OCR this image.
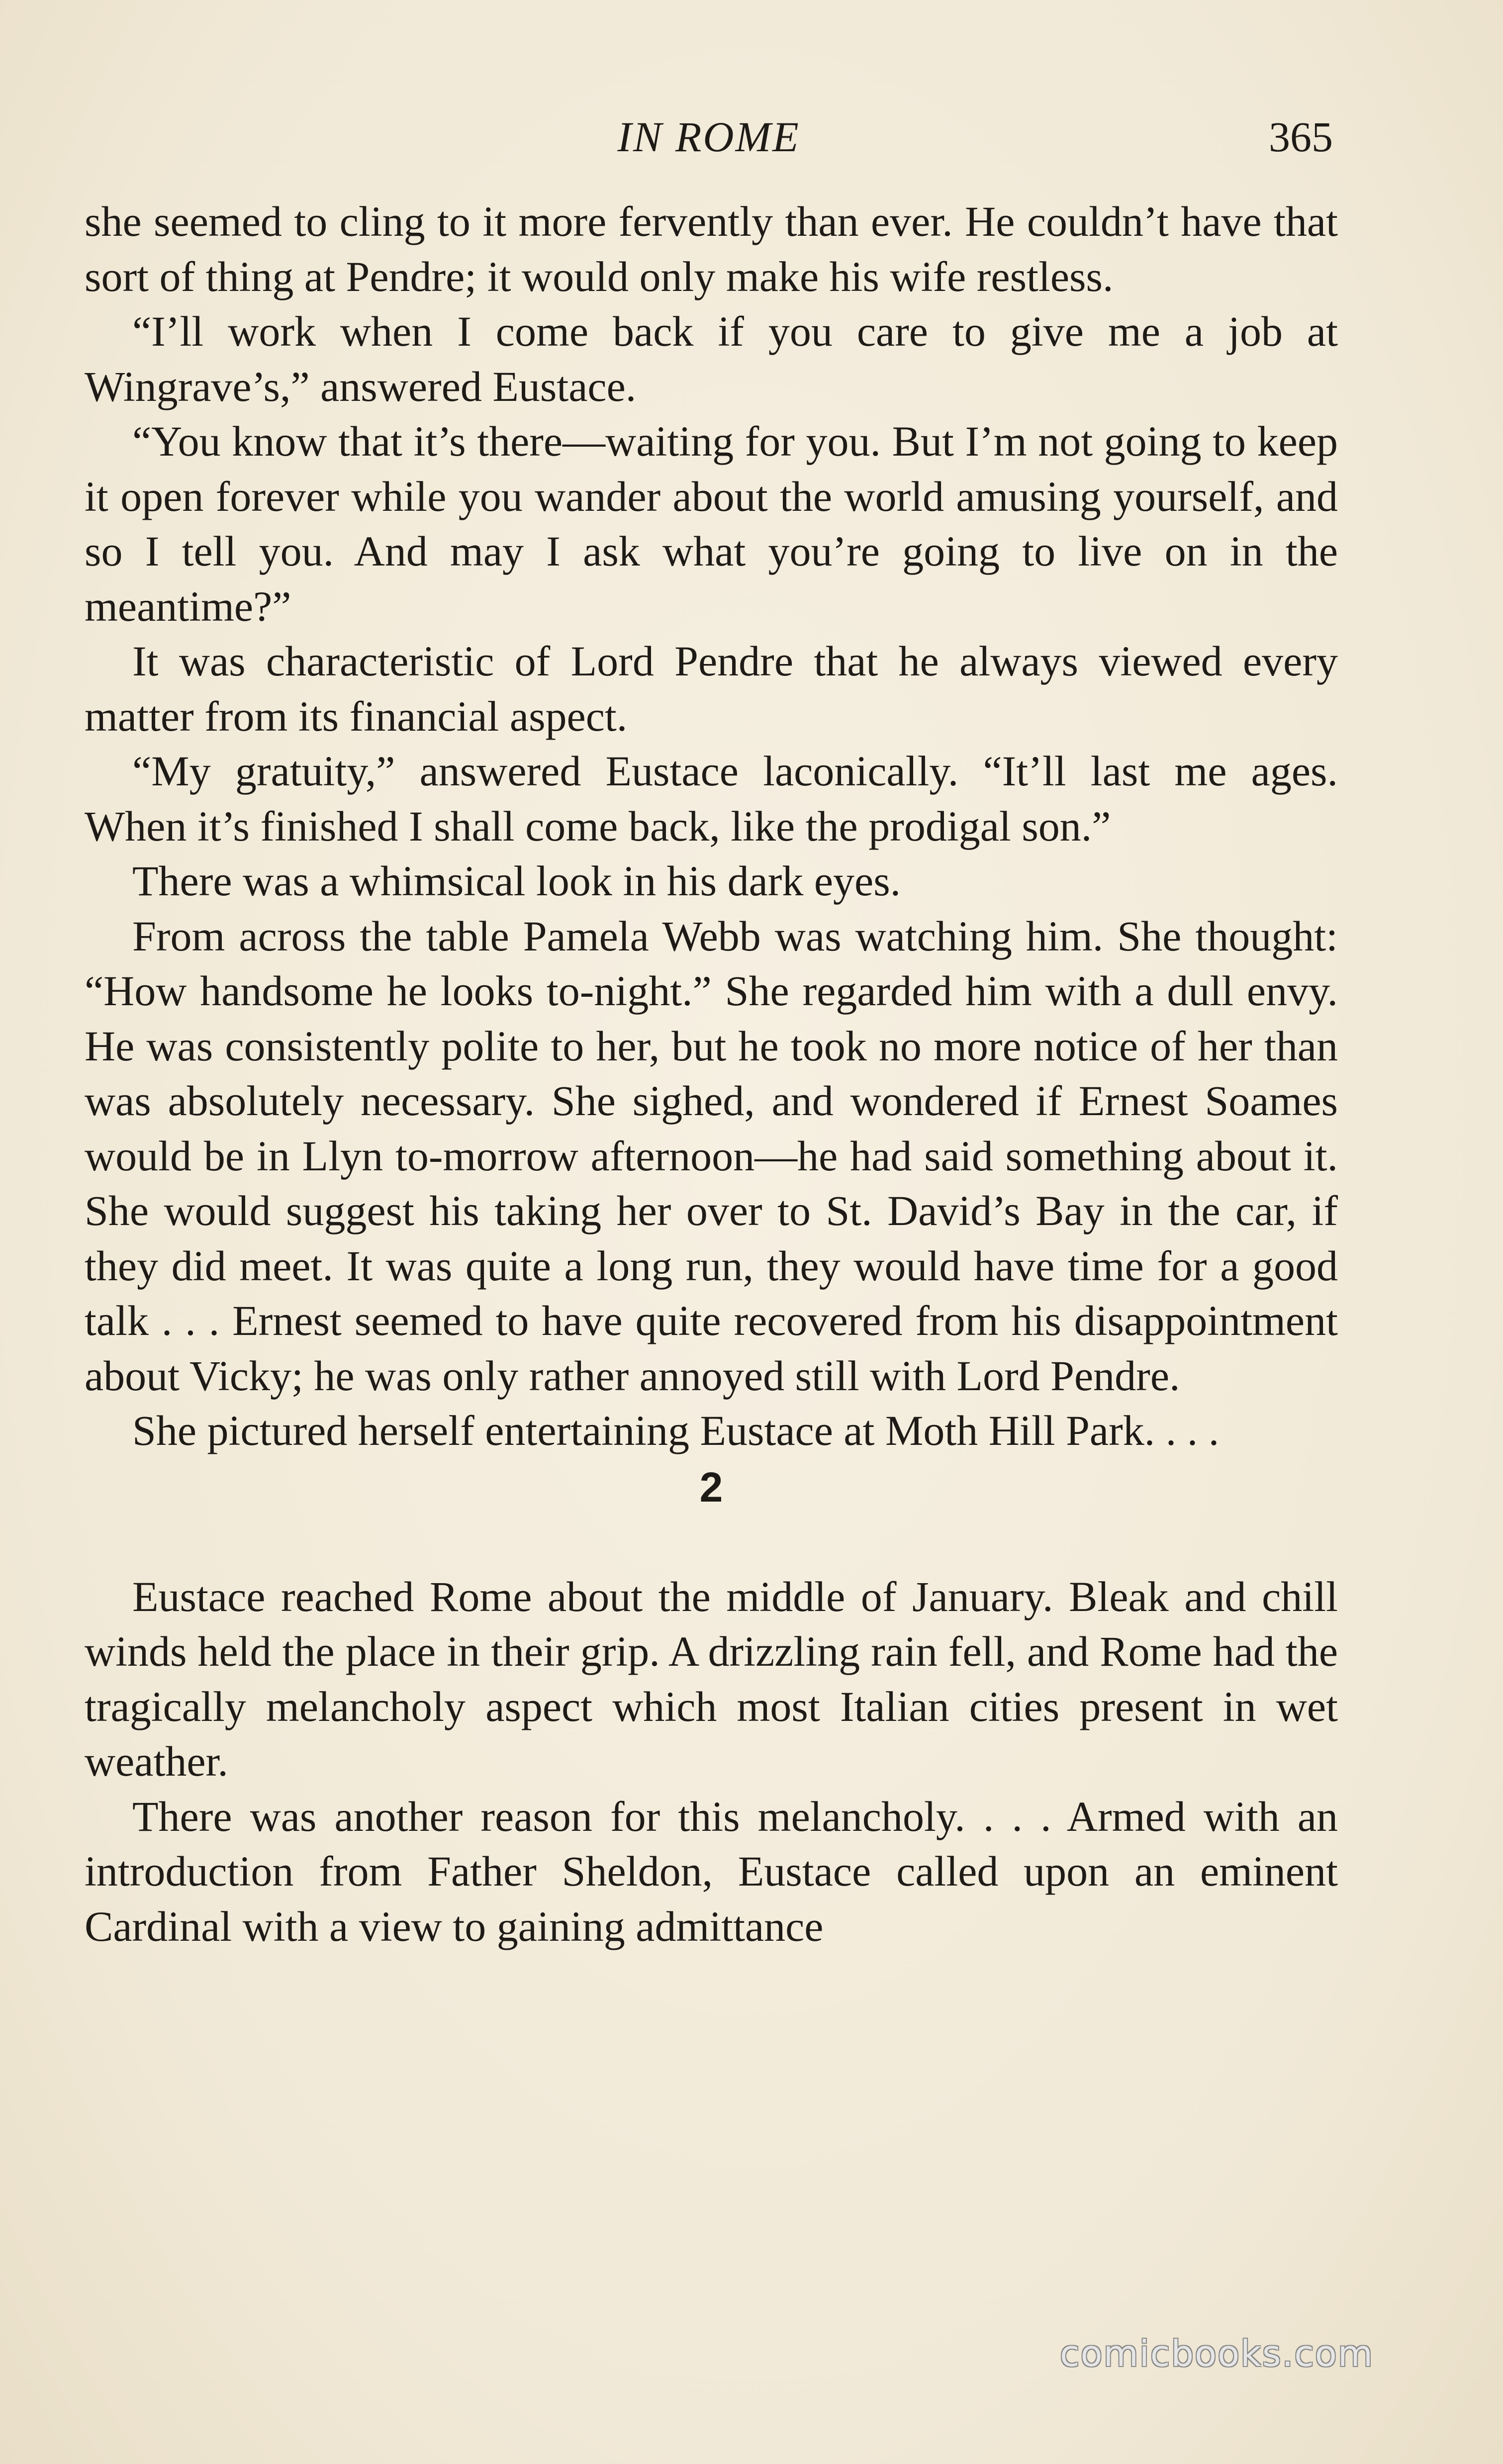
IN ROME	365

she seemed to cling to it more fervently than ever. He couldn’t have that sort of thing at Pendre; it would only make his wife restless.

“I’ll work when I come back if you care to give me a job at Wingrave’s,” answered Eustace.

“You know that it’s there—waiting for you. But I’m not going to keep it open forever while you wander about the world amusing yourself, and so I tell you. And may I ask what you’re going to live on in the meantime?”

It was characteristic of Lord Pendre that he always viewed every matter from its financial aspect.

“My gratuity,” answered Eustace laconically. “It’ll last me ages. When it’s finished I shall come back, like the prodigal son.”

There was a whimsical look in his dark eyes.

From across the table Pamela Webb was watching him. She thought: “How handsome he looks to-night.” She regarded him with a dull envy. He was consistently polite to her, but he took no more notice of her than was absolutely necessary. She sighed, and wondered if Ernest Soames would be in Llyn to-morrow afternoon—he had said something about it. She would suggest his taking her over to St. David’s Bay in the car, if they did meet. It was quite a long run, they would have time for a good talk . . . Ernest seemed to have quite recovered from his disappointment about Vicky; he was only rather annoyed still with Lord Pendre.

She pictured herself entertaining Eustace at Moth Hill Park. . . .

2

Eustace reached Rome about the middle of January. Bleak and chill winds held the place in their grip. A drizzling rain fell, and Rome had the tragically melancholy aspect which most Italian cities present in wet weather.

There was another reason for this melancholy. . . . Armed with an introduction from Father Sheldon, Eustace called upon an eminent Cardinal with a view to gaining admittance

comicbooks.com
